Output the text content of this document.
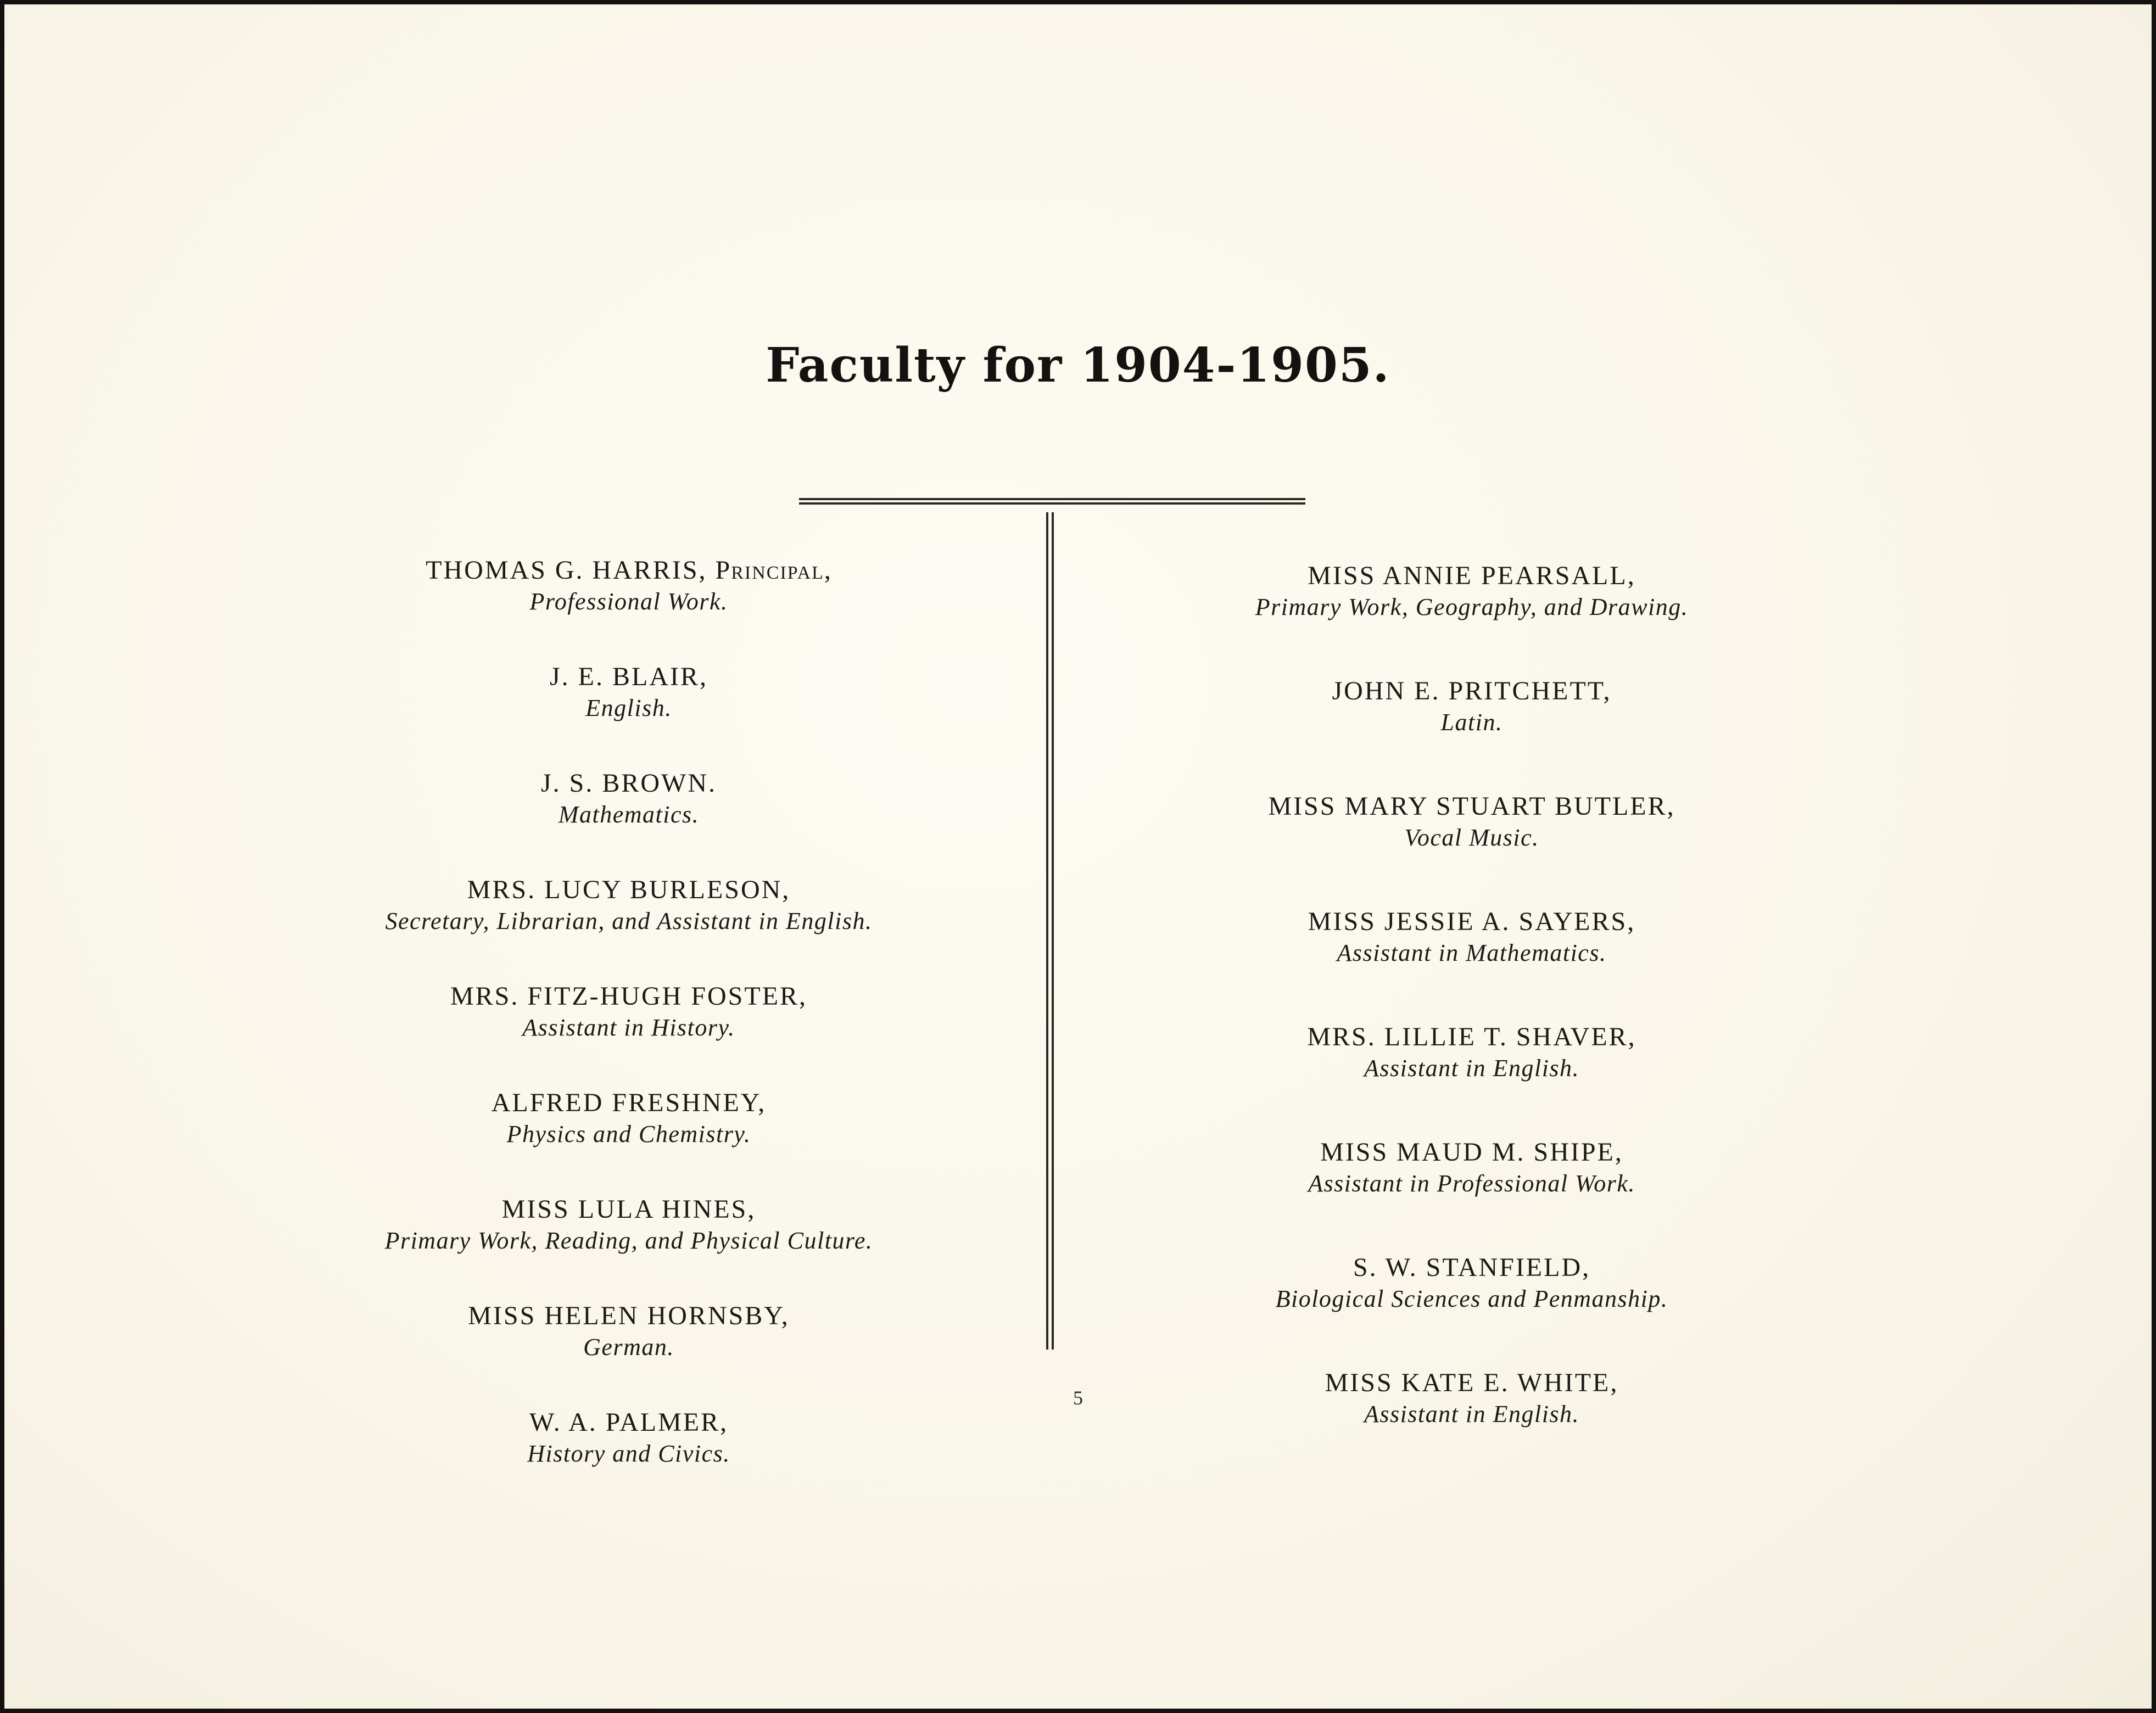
Faculty for 1904-1905.
THOMAS G. HARRIS, Principal,
Professional Work.
J. E. BLAIR,
English.
J. S. BROWN.
Mathematics.
MRS. LUCY BURLESON,
Secretary, Librarian, and Assistant in English.
MRS. FITZ-HUGH FOSTER,
Assistant in History.
ALFRED FRESHNEY,
Physics and Chemistry.
MISS LULA HINES,
Primary Work, Reading, and Physical Culture.
MISS HELEN HORNSBY,
German.
W. A. PALMER,
History and Civics.
MISS ANNIE PEARSALL,
Primary Work, Geography, and Drawing.
JOHN E. PRITCHETT,
Latin.
MISS MARY STUART BUTLER,
Vocal Music.
MISS JESSIE A. SAYERS,
Assistant in Mathematics.
MRS. LILLIE T. SHAVER,
Assistant in English.
MISS MAUD M. SHIPE,
Assistant in Professional Work.
S. W. STANFIELD,
Biological Sciences and Penmanship.
MISS KATE E. WHITE,
Assistant in English.
5
